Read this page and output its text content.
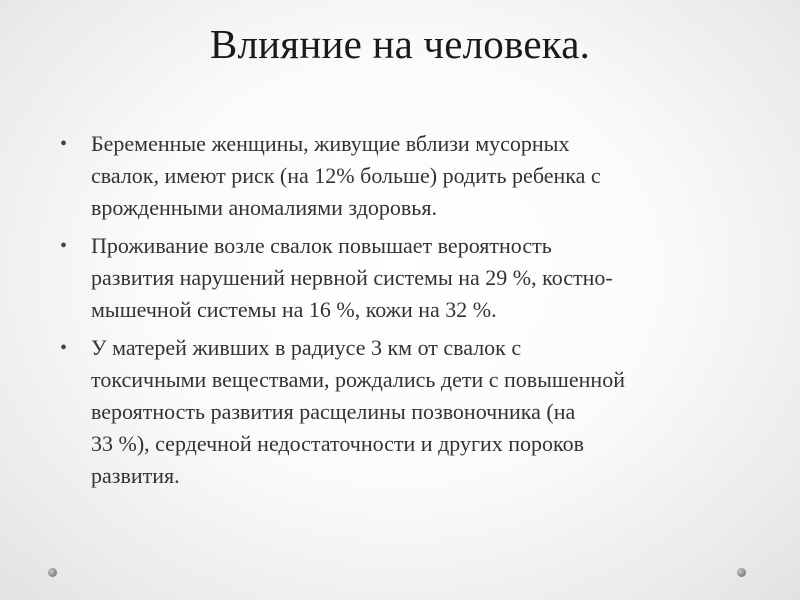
Влияние на человека.
•	Беременные женщины, живущие вблизи мусорных
свалок, имеют риск (на 12% больше) родить ребенка с
врожденными аномалиями здоровья.
•	Проживание возле свалок повышает вероятность
развития нарушений нервной системы на 29 %, костно-
мышечной системы на 16 %, кожи на 32 %.
•	У матерей живших в радиусе 3 км от свалок с
токсичными веществами, рождались дети с повышенной
вероятность развития расщелины позвоночника (на
33 %), сердечной недостаточности и других пороков
развития.
